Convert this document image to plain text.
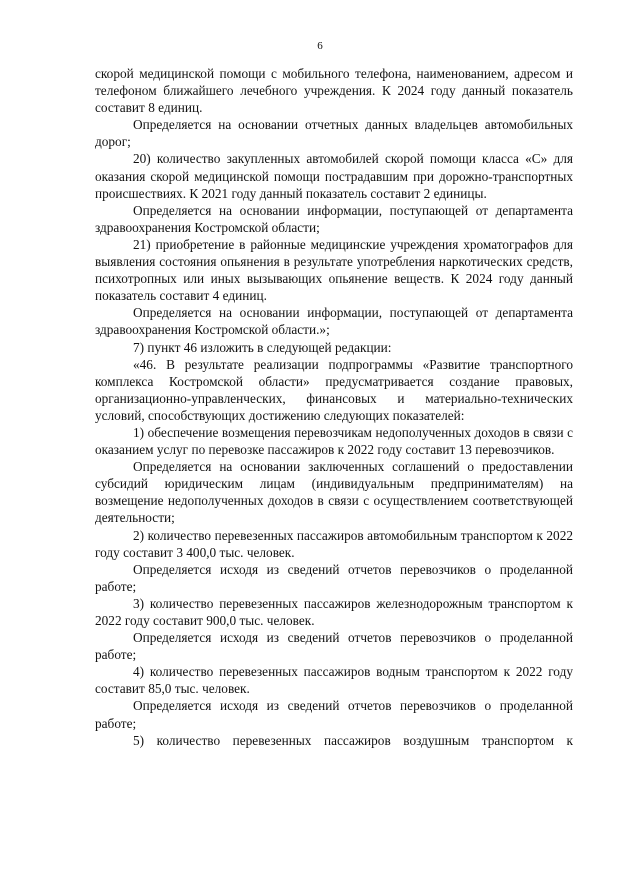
6

скорой медицинской помощи с мобильного телефона, наименованием, адресом и телефоном ближайшего лечебного учреждения. К 2024 году данный показатель составит 8 единиц.

Определяется на основании отчетных данных владельцев автомобильных дорог;

20) количество закупленных автомобилей скорой помощи класса «С» для оказания скорой медицинской помощи пострадавшим при дорожно-транспортных происшествиях. К 2021 году данный показатель составит 2 единицы.

Определяется на основании информации, поступающей от департамента здравоохранения Костромской области;

21) приобретение в районные медицинские учреждения хроматографов для выявления состояния опьянения в результате употребления наркотических средств, психотропных или иных вызывающих опьянение веществ. К 2024 году данный показатель составит 4 единиц.

Определяется на основании информации, поступающей от департамента здравоохранения Костромской области.»;

7) пункт 46 изложить в следующей редакции:

«46. В результате реализации подпрограммы «Развитие транспортного комплекса Костромской области» предусматривается создание правовых, организационно-управленческих, финансовых и материально-технических условий, способствующих достижению следующих показателей:

1) обеспечение возмещения перевозчикам недополученных доходов в связи с оказанием услуг по перевозке пассажиров к 2022 году составит 13 перевозчиков.

Определяется на основании заключенных соглашений о предоставлении субсидий юридическим лицам (индивидуальным предпринимателям) на возмещение недополученных доходов в связи с осуществлением соответствующей деятельности;

2) количество перевезенных пассажиров автомобильным транспортом к 2022 году составит 3 400,0 тыс. человек.

Определяется исходя из сведений отчетов перевозчиков о проделанной работе;

3) количество перевезенных пассажиров железнодорожным транспортом к 2022 году составит 900,0 тыс. человек.

Определяется исходя из сведений отчетов перевозчиков о проделанной работе;

4) количество перевезенных пассажиров водным транспортом к 2022 году составит 85,0 тыс. человек.

Определяется исходя из сведений отчетов перевозчиков о проделанной работе;

5) количество перевезенных пассажиров воздушным транспортом к
